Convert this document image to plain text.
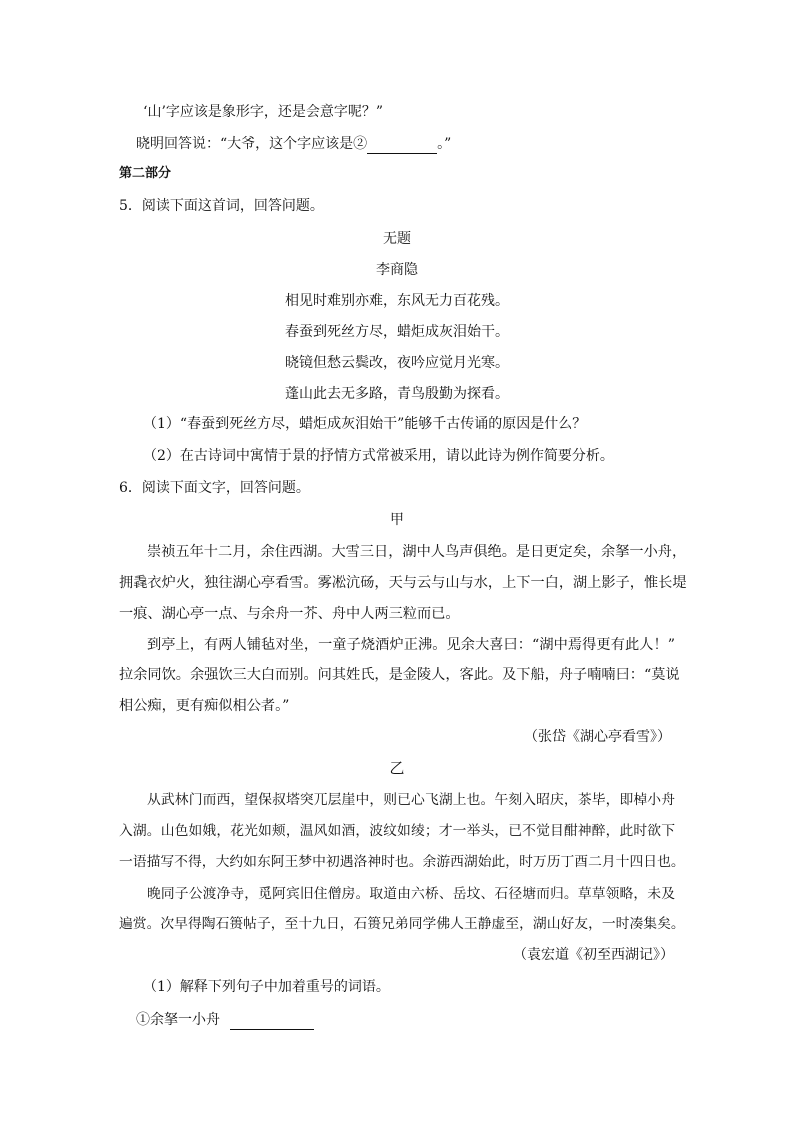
‘山’字应该是象形字，还是会意字呢？”
晓明回答说：“大爷，这个字应该是②	。”
第二部分
5．阅读下面这首词，回答问题。
无题
李商隐
相见时难别亦难，东风无力百花残。
春蚕到死丝方尽，蜡炬成灰泪始干。
晓镜但愁云鬓改，夜吟应觉月光寒。
蓬山此去无多路，青鸟殷勤为探看。
（1）“春蚕到死丝方尽，蜡炬成灰泪始干”能够千古传诵的原因是什么？
（2）在古诗词中寓情于景的抒情方式常被采用，请以此诗为例作简要分析。
6．阅读下面文字，回答问题。
甲
崇祯五年十二月，余住西湖。大雪三日，湖中人鸟声俱绝。是日更定矣，余拏一小舟，
拥毳衣炉火，独往湖心亭看雪。雾凇沆砀，天与云与山与水，上下一白，湖上影子，惟长堤
一痕、湖心亭一点、与余舟一芥、舟中人两三粒而已。
到亭上，有两人铺毡对坐，一童子烧酒炉正沸。见余大喜曰：“湖中焉得更有此人！”
拉余同饮。余强饮三大白而别。问其姓氏，是金陵人，客此。及下船，舟子喃喃曰：“莫说
相公痴，更有痴似相公者。”
（张岱《湖心亭看雪》）
乙
从武林门而西，望保叔塔突兀层崖中，则已心飞湖上也。午刻入昭庆，茶毕，即棹小舟
入湖。山色如娥，花光如颊，温风如酒，波纹如绫；才一举头，已不觉目酣神醉，此时欲下
一语描写不得，大约如东阿王梦中初遇洛神时也。余游西湖始此，时万历丁酉二月十四日也。
晚同子公渡净寺，觅阿宾旧住僧房。取道由六桥、岳坟、石径塘而归。草草领略，未及
遍赏。次早得陶石篑帖子，至十九日，石篑兄弟同学佛人王静虚至，湖山好友，一时凑集矣。
（袁宏道《初至西湖记》）
（1）解释下列句子中加着重号的词语。
①余拏一小舟
